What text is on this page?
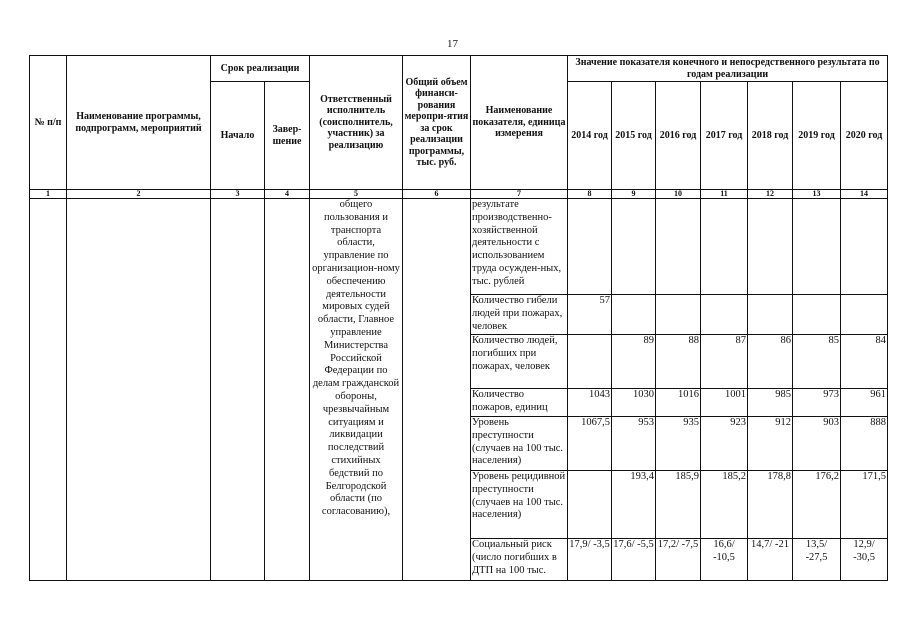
17
№ п/п	Наименование программы, подпрограмм, мероприятий	Срок реализации		Ответственный исполнитель (соисполнитель, участник) за реализацию	Общий объем финанси-рования меропри-ятия за срок реализации программы, тыс. руб.	Наименование показателя, единица измерения	Значение показателя конечного и непосредственного результата по годам реализации						
		Начало	Завер-шение				2014 год	2015 год	2016 год	2017 год	2018 год	2019 год	2020 год
1	2	3	4	5	6	7	8	9	10	11	12	13	14
				общего пользования и транспорта области, управление по организацион-ному обеспечению деятельности мировых судей области, Главное управление Министерства Российской Федерации по делам гражданской обороны, чрезвычайным ситуациям и ликвидации последствий стихийных бедствий по Белгородской области (по согласованию),		результате производственно-хозяйственной деятельности с использованием труда осужден-ных, тыс. рублей							
						Количество гибели людей при пожарах, человек	57						
						Количество людей, погибших при пожарах, человек		89	88	87	86	85	84
						Количество пожаров, единиц	1043	1030	1016	1001	985	973	961
						Уровень преступности (случаев на 100 тыс. населения)	1067,5	953	935	923	912	903	888
						Уровень рецидивной преступности (случаев на 100 тыс. населения)		193,4	185,9	185,2	178,8	176,2	171,5
						Социальный риск (число погибших в ДТП на 100 тыс.	17,9/ -3,5	17,6/ -5,5	17,2/ -7,5	16,6/ -10,5	14,7/ -21	13,5/ -27,5	12,9/ -30,5
